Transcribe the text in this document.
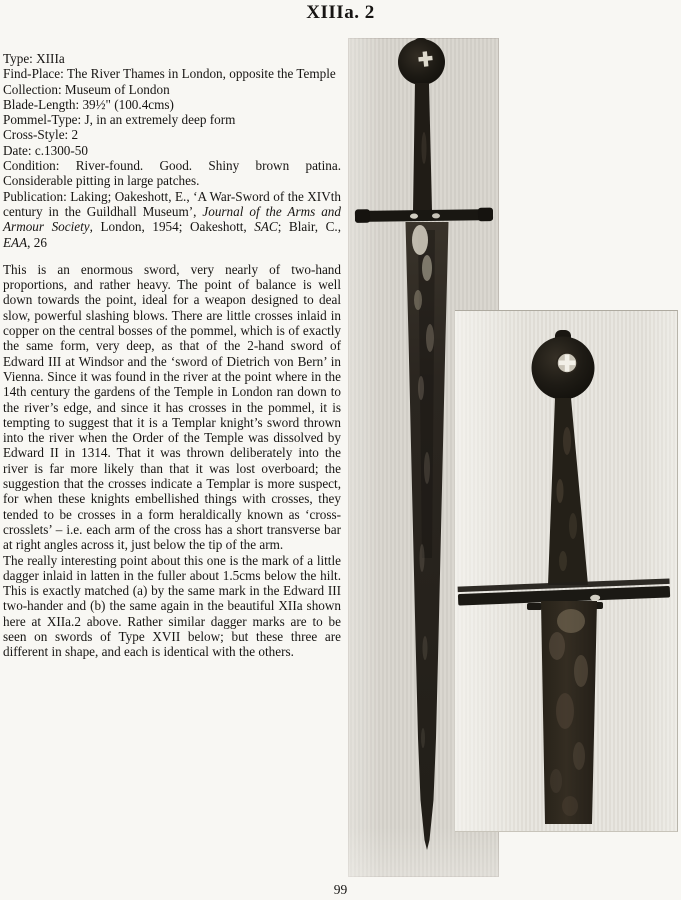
XIIIa. 2

Type: XIIIa

Find-Place: The River Thames in London, opposite the Temple

Collection: Museum of London

Blade-Length: 39½" (100.4cms)

Pommel-Type: J, in an extremely deep form

Cross-Style: 2

Date: c.1300-50

Condition: River-found. Good. Shiny brown patina. Considerable pitting in large patches.

Publication: Laking; Oakeshott, E., ‘A War-Sword of the XIVth century in the Guildhall Museum’, Journal of the Arms and Armour Society, London, 1954; Oakeshott, SAC; Blair, C., EAA, 26

This is an enormous sword, very nearly of two-hand proportions, and rather heavy. The point of balance is well down towards the point, ideal for a weapon designed to deal slow, powerful slashing blows. There are little crosses inlaid in copper on the central bosses of the pommel, which is of exactly the same form, very deep, as that of the 2-hand sword of Edward III at Windsor and the ‘sword of Dietrich von Bern’ in Vienna. Since it was found in the river at the point where in the 14th century the gardens of the Temple in London ran down to the river’s edge, and since it has crosses in the pommel, it is tempting to suggest that it is a Templar knight’s sword thrown into the river when the Order of the Temple was dissolved by Edward II in 1314. That it was thrown deliberately into the river is far more likely than that it was lost overboard; the suggestion that the crosses indicate a Templar is more suspect, for when these knights embellished things with crosses, they tended to be crosses in a form heraldically known as ‘cross-crosslets’ – i.e. each arm of the cross has a short transverse bar at right angles across it, just below the tip of the arm.

The really interesting point about this one is the mark of a little dagger inlaid in latten in the fuller about 1.5cms below the hilt. This is exactly matched (a) by the same mark in the Edward III two-hander and (b) the same again in the beautiful XIIa shown here at XIIa.2 above. Rather similar dagger marks are to be seen on swords of Type XVII below; but these three are different in shape, and each is identical with the others.

99
